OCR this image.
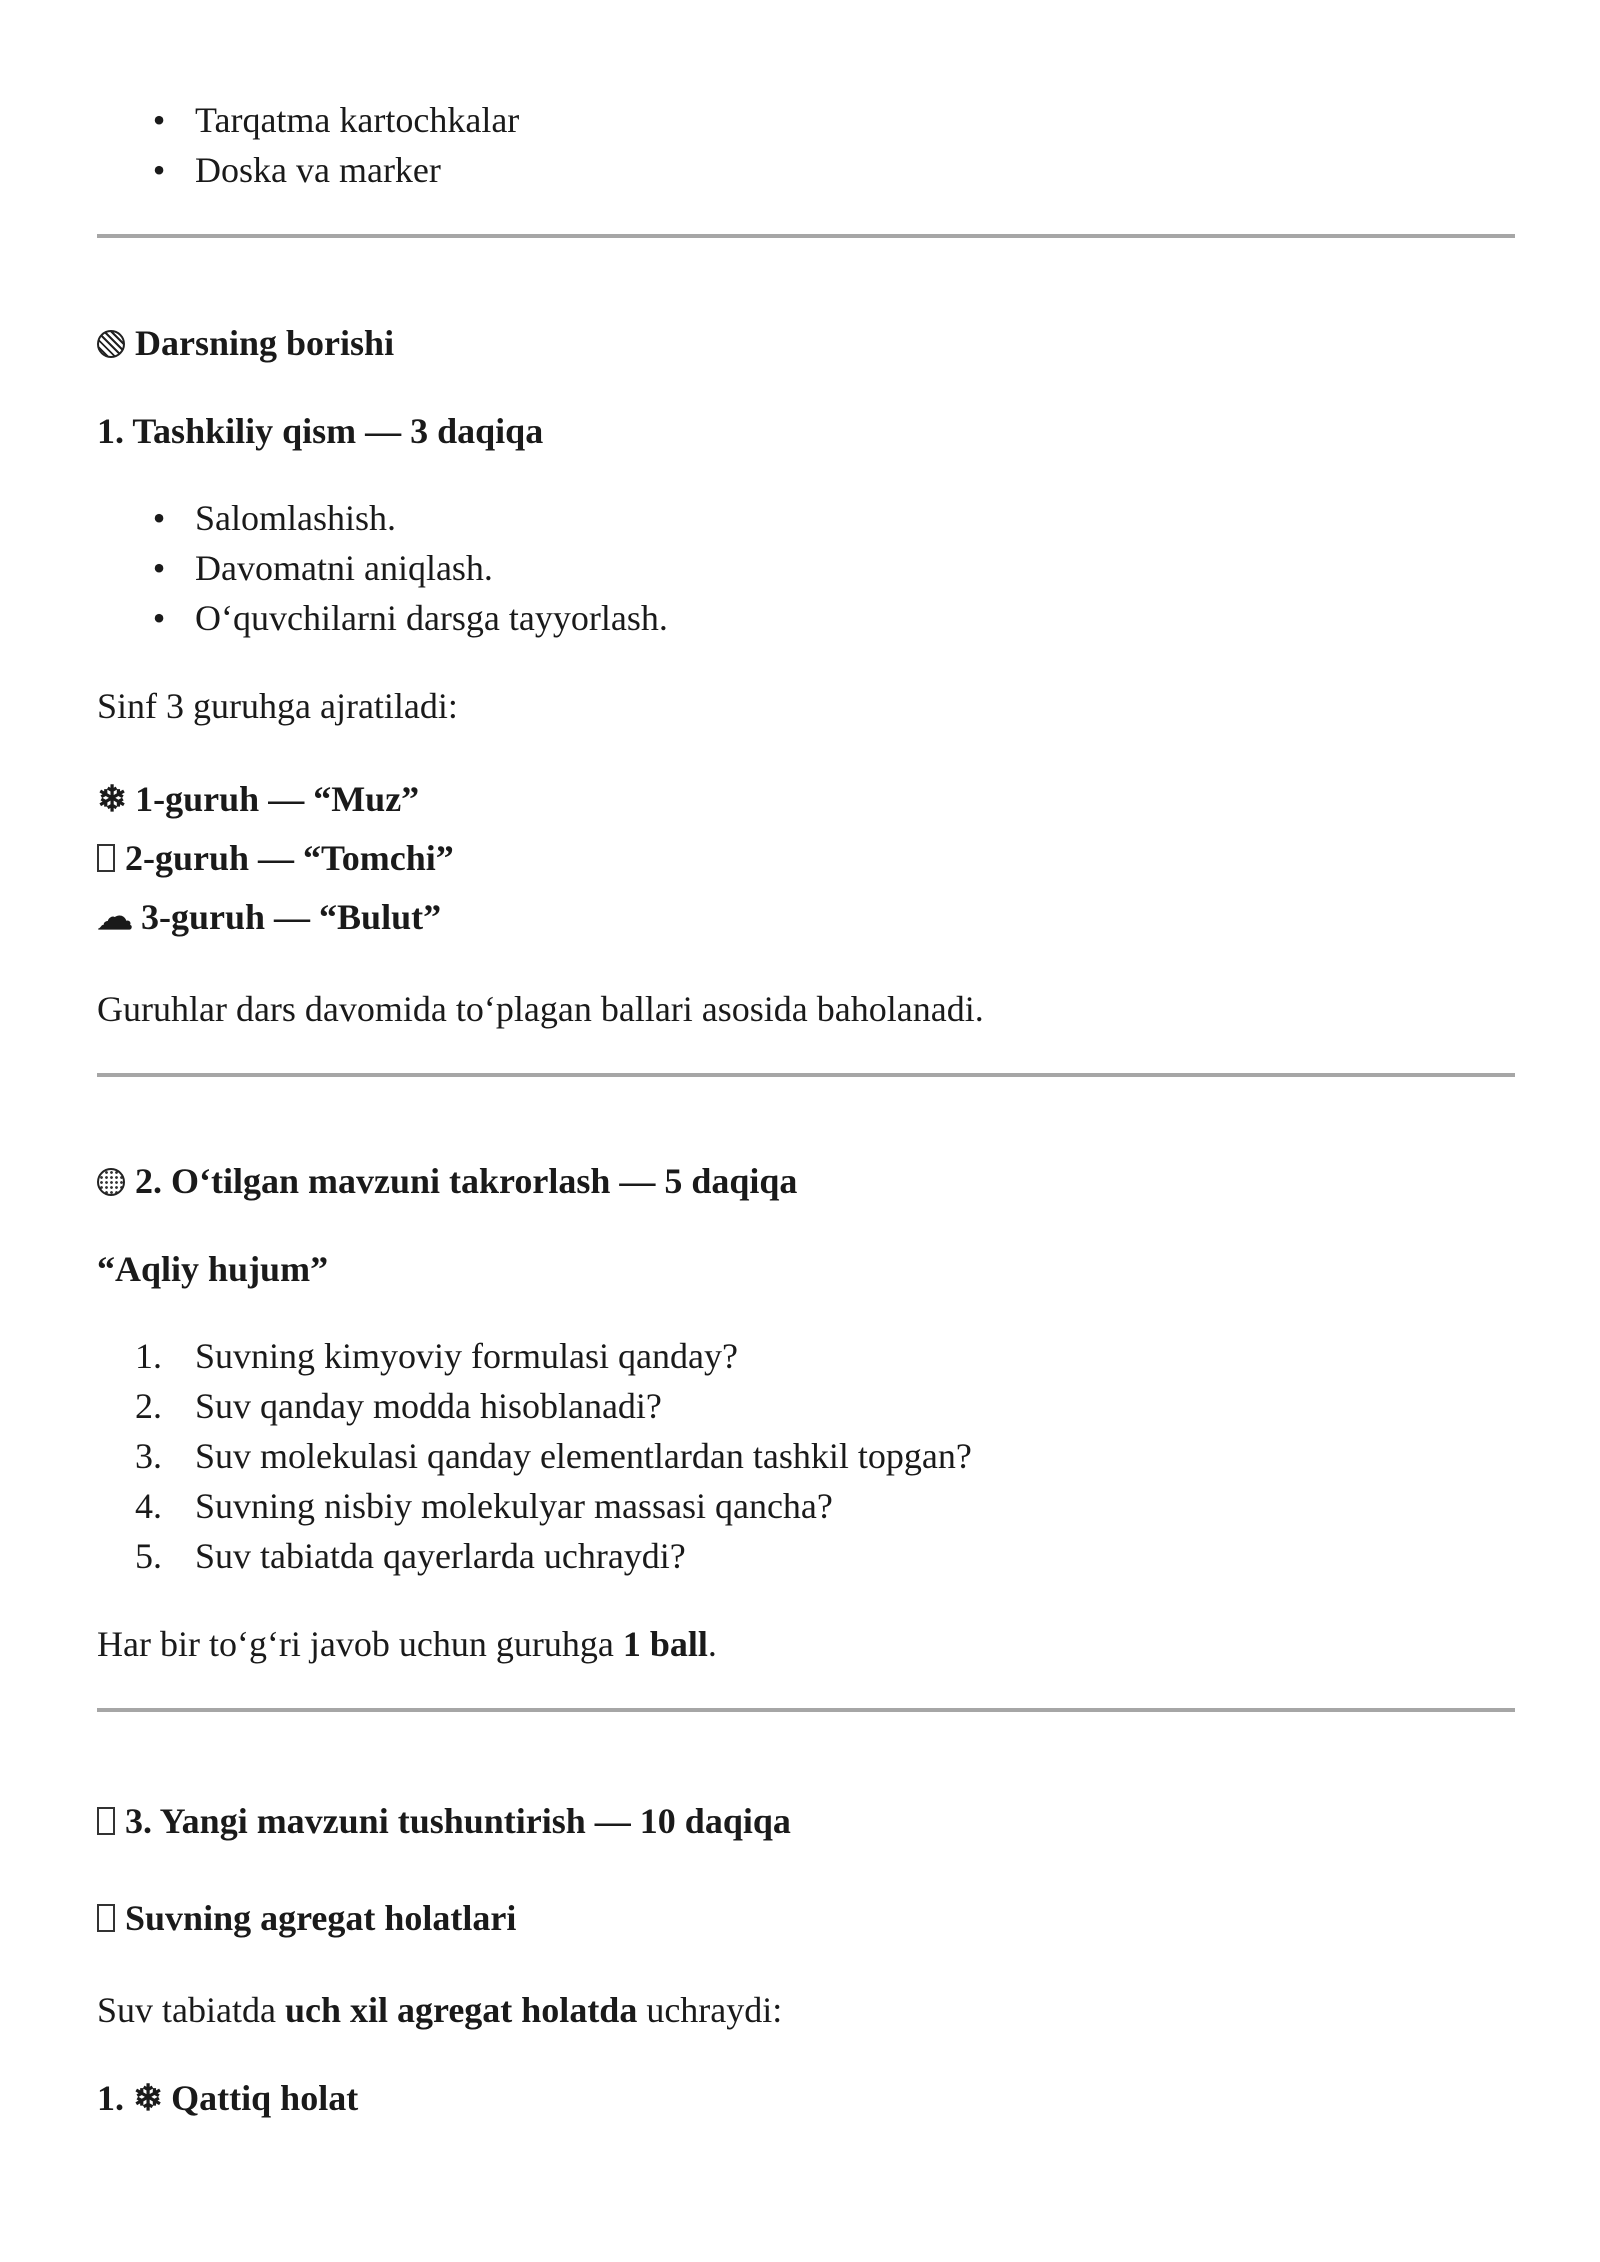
• Tarqatma kartochkalar
• Doska va marker
Darsning borishi
1. Tashkiliy qism — 3 daqiqa
• Salomlashish.
• Davomatni aniqlash.
• O‘quvchilarni darsga tayyorlash.
Sinf 3 guruhga ajratiladi:
❄ 1-guruh — “Muz”
2-guruh — “Tomchi”
☁ 3-guruh — “Bulut”
Guruhlar dars davomida to‘plagan ballari asosida baholanadi.
2. O‘tilgan mavzuni takrorlash — 5 daqiqa
“Aqliy hujum”
1. Suvning kimyoviy formulasi qanday?
2. Suv qanday modda hisoblanadi?
3. Suv molekulasi qanday elementlardan tashkil topgan?
4. Suvning nisbiy molekulyar massasi qancha?
5. Suv tabiatda qayerlarda uchraydi?
Har bir to‘g‘ri javob uchun guruhga 1 ball.
3. Yangi mavzuni tushuntirish — 10 daqiqa
Suvning agregat holatlari
Suv tabiatda uch xil agregat holatda uchraydi:
1. ❄ Qattiq holat
